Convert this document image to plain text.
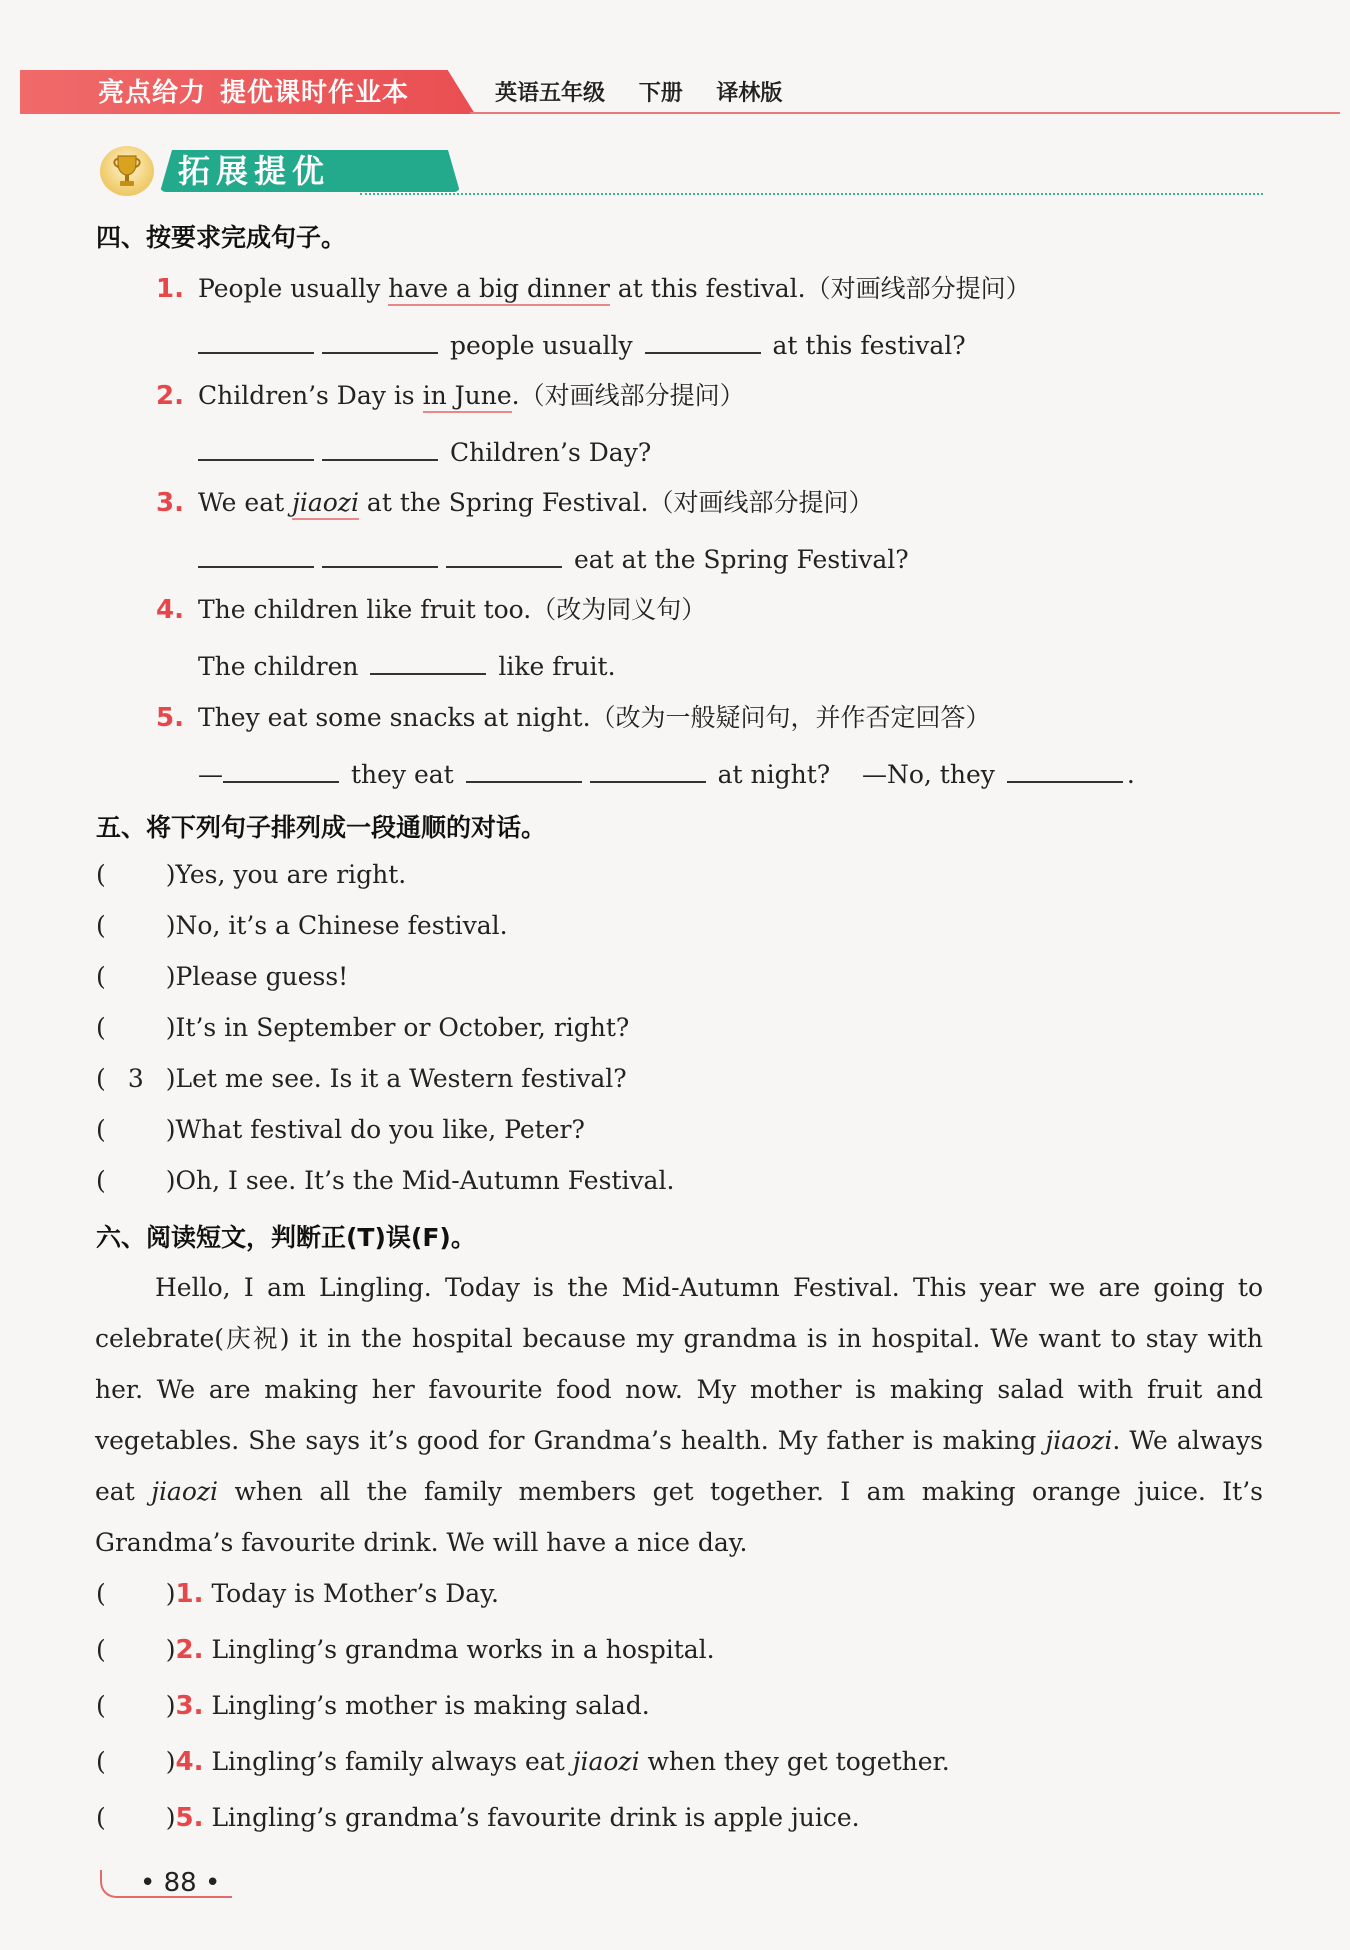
亮点给力 提优课时作业本	英语五年级 下册 译林版
拓展提优
四、按要求完成句子。
1. People usually have a big dinner at this festival.（对画线部分提问）
people usually	at this festival?
2. Children’s Day is in June.（对画线部分提问）
Children’s Day?
3. We eat jiaozi at the Spring Festival.（对画线部分提问）
eat at the Spring Festival?
4. The children like fruit too.（改为同义句）
The children	like fruit.
5. They eat some snacks at night.（改为一般疑问句，并作否定回答）
—	they eat	at night? —No, they	.
五、将下列句子排列成一段通顺的对话。
( )Yes, you are right.
( )No, it’s a Chinese festival.
( )Please guess!
( )It’s in September or October, right?
( 3 )Let me see. Is it a Western festival?
( )What festival do you like, Peter?
( )Oh, I see. It’s the Mid-Autumn Festival.
六、阅读短文，判断正(T)误(F)。
Hello, I am Lingling. Today is the Mid-Autumn Festival. This year we are going to celebrate(庆祝) it in the hospital because my grandma is in hospital. We want to stay with her. We are making her favourite food now. My mother is making salad with fruit and vegetables. She says it’s good for Grandma’s health. My father is making jiaozi. We always eat jiaozi when all the family members get together. I am making orange juice. It’s Grandma’s favourite drink. We will have a nice day.
( )1. Today is Mother’s Day.
( )2. Lingling’s grandma works in a hospital.
( )3. Lingling’s mother is making salad.
( )4. Lingling’s family always eat jiaozi when they get together.
( )5. Lingling’s grandma’s favourite drink is apple juice.
• 88 •
